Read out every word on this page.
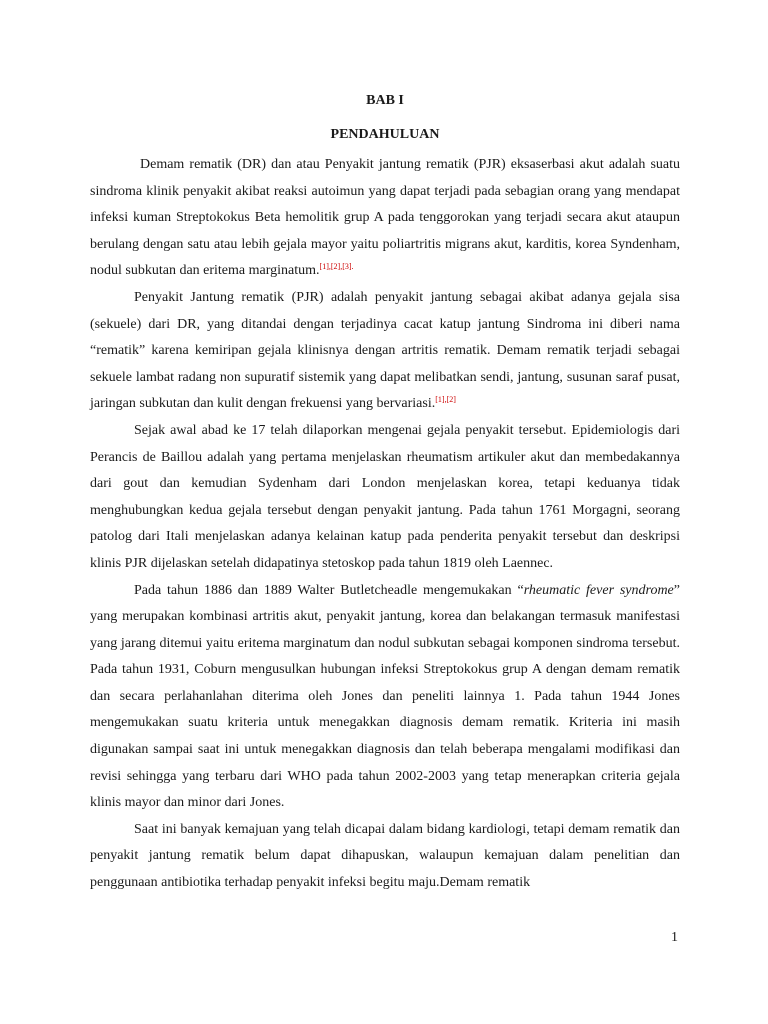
BAB I

PENDAHULUAN

Demam rematik (DR) dan atau Penyakit jantung rematik (PJR) eksaserbasi akut adalah suatu sindroma klinik penyakit akibat reaksi autoimun yang dapat terjadi pada sebagian orang yang mendapat infeksi kuman Streptokokus Beta hemolitik grup A pada tenggorokan yang terjadi secara akut ataupun berulang dengan satu atau lebih gejala mayor yaitu poliartritis migrans akut, karditis, korea Syndenham, nodul subkutan dan eritema marginatum.$^{[1],[2],[3].}$

Penyakit Jantung rematik (PJR) adalah penyakit jantung sebagai akibat adanya gejala sisa (sekuele) dari DR, yang ditandai dengan terjadinya cacat katup jantung Sindroma ini diberi nama “rematik” karena kemiripan gejala klinisnya dengan artritis rematik. Demam rematik terjadi sebagai sekuele lambat radang non supuratif sistemik yang dapat melibatkan sendi, jantung, susunan saraf pusat, jaringan subkutan dan kulit dengan frekuensi yang bervariasi.[1],[2]

Sejak awal abad ke 17 telah dilaporkan mengenai gejala penyakit tersebut. Epidemiologis dari Perancis de Baillou adalah yang pertama menjelaskan rheumatism artikuler akut dan membedakannya dari gout dan kemudian Sydenham dari London menjelaskan korea, tetapi keduanya tidak menghubungkan kedua gejala tersebut dengan penyakit jantung. Pada tahun 1761 Morgagni, seorang patolog dari Itali menjelaskan adanya kelainan katup pada penderita penyakit tersebut dan deskripsi klinis PJR dijelaskan setelah didapatinya stetoskop pada tahun 1819 oleh Laennec.

Pada tahun 1886 dan 1889 Walter Butletcheadle mengemukakan “rheumatic fever syndrome” yang merupakan kombinasi artritis akut, penyakit jantung, korea dan belakangan termasuk manifestasi yang jarang ditemui yaitu eritema marginatum dan nodul subkutan sebagai komponen sindroma tersebut. Pada tahun 1931, Coburn mengusulkan hubungan infeksi Streptokokus grup A dengan demam rematik dan secara perlahanlahan diterima oleh Jones dan peneliti lainnya 1. Pada tahun 1944 Jones mengemukakan suatu kriteria untuk menegakkan diagnosis demam rematik. Kriteria ini masih digunakan sampai saat ini untuk menegakkan diagnosis dan telah beberapa mengalami modifikasi dan revisi sehingga yang terbaru dari WHO pada tahun 2002-2003 yang tetap menerapkan criteria gejala klinis mayor dan minor dari Jones.

Saat ini banyak kemajuan yang telah dicapai dalam bidang kardiologi, tetapi demam rematik dan penyakit jantung rematik belum dapat dihapuskan, walaupun kemajuan dalam penelitian dan penggunaan antibiotika terhadap penyakit infeksi begitu maju.Demam rematik

1
